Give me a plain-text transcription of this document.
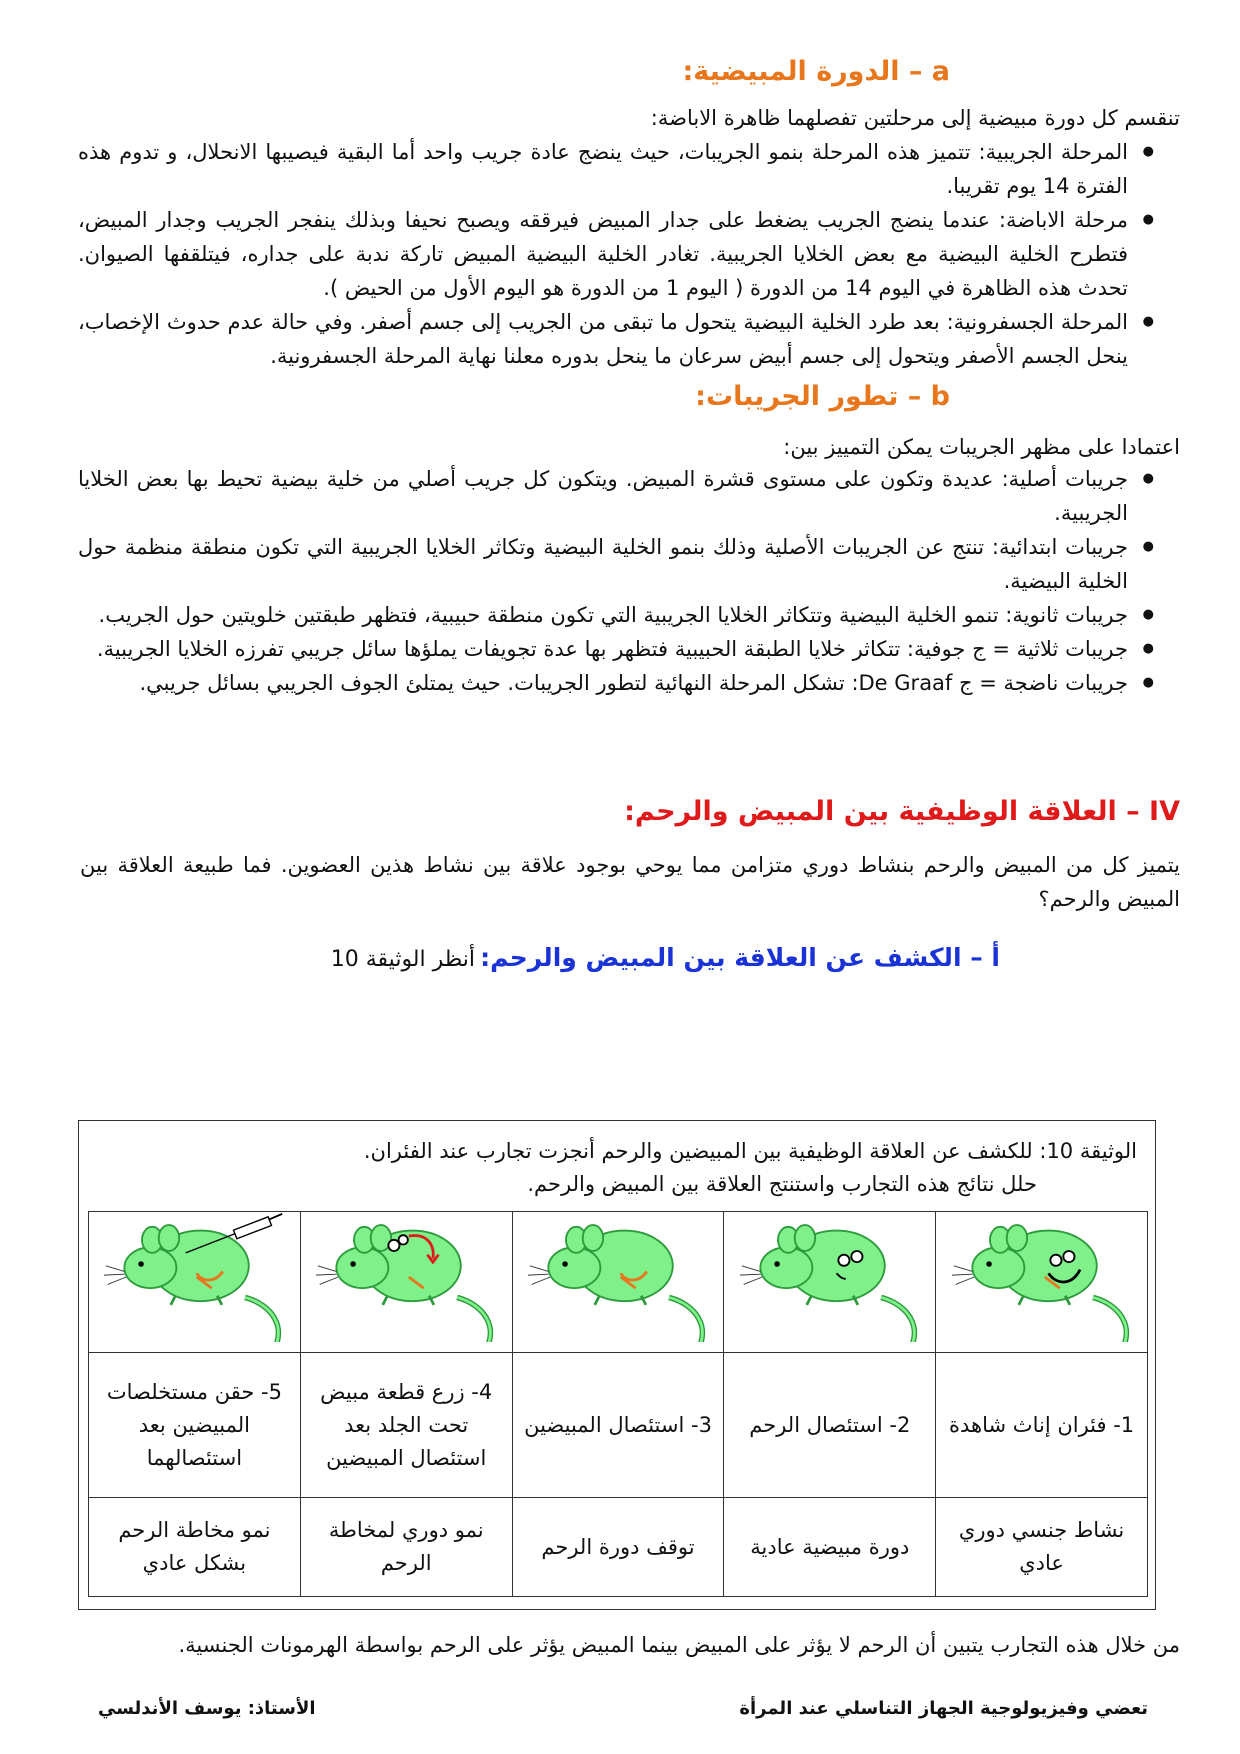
a – الدورة المبيضية:
تنقسم كل دورة مبيضية إلى مرحلتين تفصلهما ظاهرة الاباضة:
● المرحلة الجريبية: تتميز هذه المرحلة بنمو الجريبات، حيث ينضج عادة جريب واحد أما البقية فيصيبها الانحلال، و تدوم هذه الفترة 14 يوم تقريبا.
● مرحلة الاباضة: عندما ينضج الجريب يضغط على جدار المبيض فيرققه ويصبح نحيفا وبذلك ينفجر الجريب وجدار المبيض، فتطرح الخلية البيضية مع بعض الخلايا الجريبية. تغادر الخلية البيضية المبيض تاركة ندبة على جداره، فيتلقفها الصيوان. تحدث هذه الظاهرة في اليوم 14 من الدورة ( اليوم 1 من الدورة هو اليوم الأول من الحيض ).
● المرحلة الجسفرونية: بعد طرد الخلية البيضية يتحول ما تبقى من الجريب إلى جسم أصفر. وفي حالة عدم حدوث الإخصاب، ينحل الجسم الأصفر ويتحول إلى جسم أبيض سرعان ما ينحل بدوره معلنا نهاية المرحلة الجسفرونية.
b – تطور الجريبات:
اعتمادا على مظهر الجريبات يمكن التمييز بين:
● جريبات أصلية: عديدة وتكون على مستوى قشرة المبيض. ويتكون كل جريب أصلي من خلية بيضية تحيط بها بعض الخلايا الجريبية.
● جريبات ابتدائية: تنتج عن الجريبات الأصلية وذلك بنمو الخلية البيضية وتكاثر الخلايا الجريبية التي تكون منطقة منظمة حول الخلية البيضية.
● جريبات ثانوية: تنمو الخلية البيضية وتتكاثر الخلايا الجريبية التي تكون منطقة حبيبية، فتظهر طبقتين خلويتين حول الجريب.
● جريبات ثلاثية = ج جوفية: تتكاثر خلايا الطبقة الحبيبية فتظهر بها عدة تجويفات يملؤها سائل جريبي تفرزه الخلايا الجريبية.
● جريبات ناضجة = ج De Graaf: تشكل المرحلة النهائية لتطور الجريبات. حيث يمتلئ الجوف الجريبي بسائل جريبي.
IV – العلاقة الوظيفية بين المبيض والرحم:
يتميز كل من المبيض والرحم بنشاط دوري متزامن مما يوحي بوجود علاقة بين نشاط هذين العضوين. فما طبيعة العلاقة بين المبيض والرحم؟
أ – الكشف عن العلاقة بين المبيض والرحم: أنظر الوثيقة 10
الوثيقة 10: للكشف عن العلاقة الوظيفية بين المبيضين والرحم أنجزت تجارب عند الفئران.
حلل نتائج هذه التجارب واستنتج العلاقة بين المبيض والرحم.

1- فئران إناث شاهدة	2- استئصال الرحم	3- استئصال المبيضين	4- زرع قطعة مبيض تحت الجلد بعد استئصال المبيضين	5- حقن مستخلصات المبيضين بعد استئصالهما
نشاط جنسي دوري عادي	دورة مبيضية عادية	توقف دورة الرحم	نمو دوري لمخاطة الرحم	نمو مخاطة الرحم بشكل عادي
من خلال هذه التجارب يتبين أن الرحم لا يؤثر على المبيض بينما المبيض يؤثر على الرحم بواسطة الهرمونات الجنسية.
تعضي وفيزيولوجية الجهاز التناسلي عند المرأة
الأستاذ: يوسف الأندلسي
